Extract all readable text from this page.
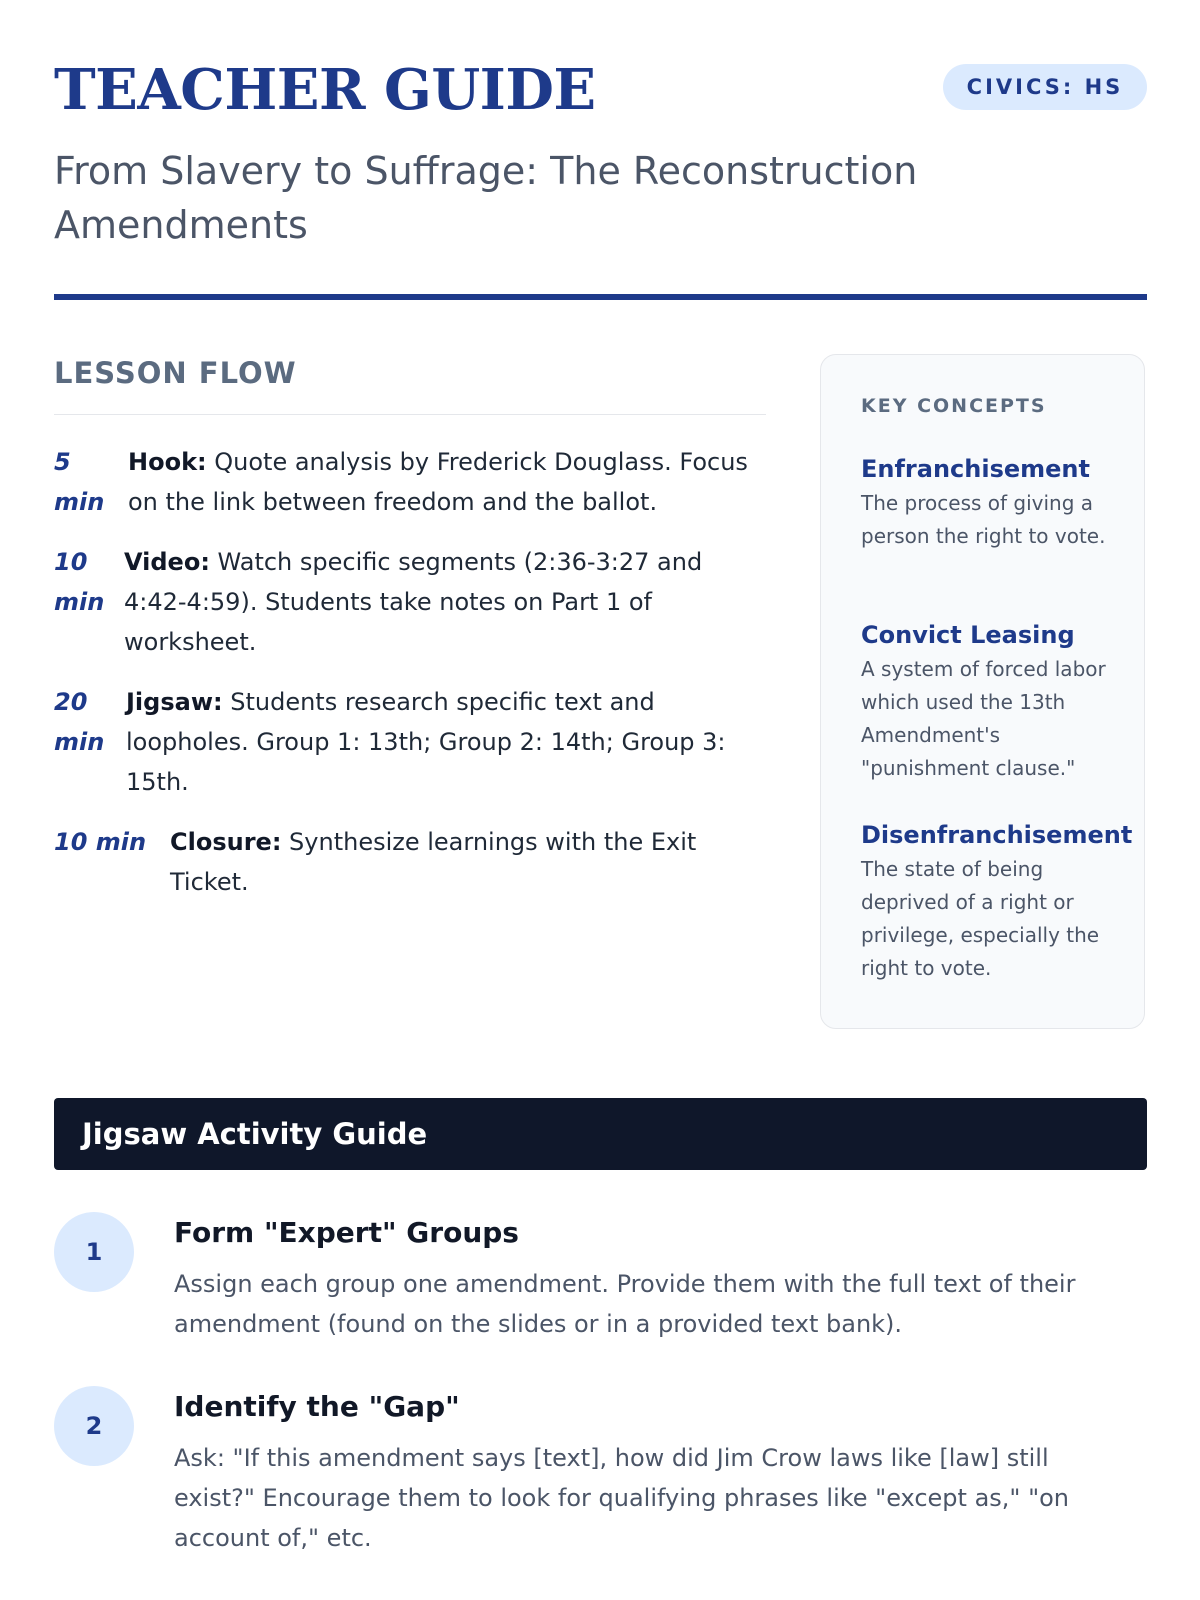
TEACHER GUIDE	CIVICS: HS
From Slavery to Suffrage: The Reconstruction Amendments
LESSON FLOW
5
min
Hook: Quote analysis by Frederick Douglass. Focus on the link between freedom and the ballot.
10
min
Video: Watch specific segments (2:36-3:27 and 4:42-4:59). Students take notes on Part 1 of worksheet.
20
min
Jigsaw: Students research specific text and loopholes. Group 1: 13th; Group 2: 14th; Group 3: 15th.
10 min Closure: Synthesize learnings with the Exit Ticket.
KEY CONCEPTS
Enfranchisement
The process of giving a person the right to vote.
Convict Leasing
A system of forced labor which used the 13th Amendment's "punishment clause."
Disenfranchisement
The state of being deprived of a right or privilege, especially the right to vote.
Jigsaw Activity Guide
1
Form "Expert" Groups
Assign each group one amendment. Provide them with the full text of their amendment (found on the slides or in a provided text bank).
2
Identify the "Gap"
Ask: "If this amendment says [text], how did Jim Crow laws like [law] still exist?" Encourage them to look for qualifying phrases like "except as," "on account of," etc.
